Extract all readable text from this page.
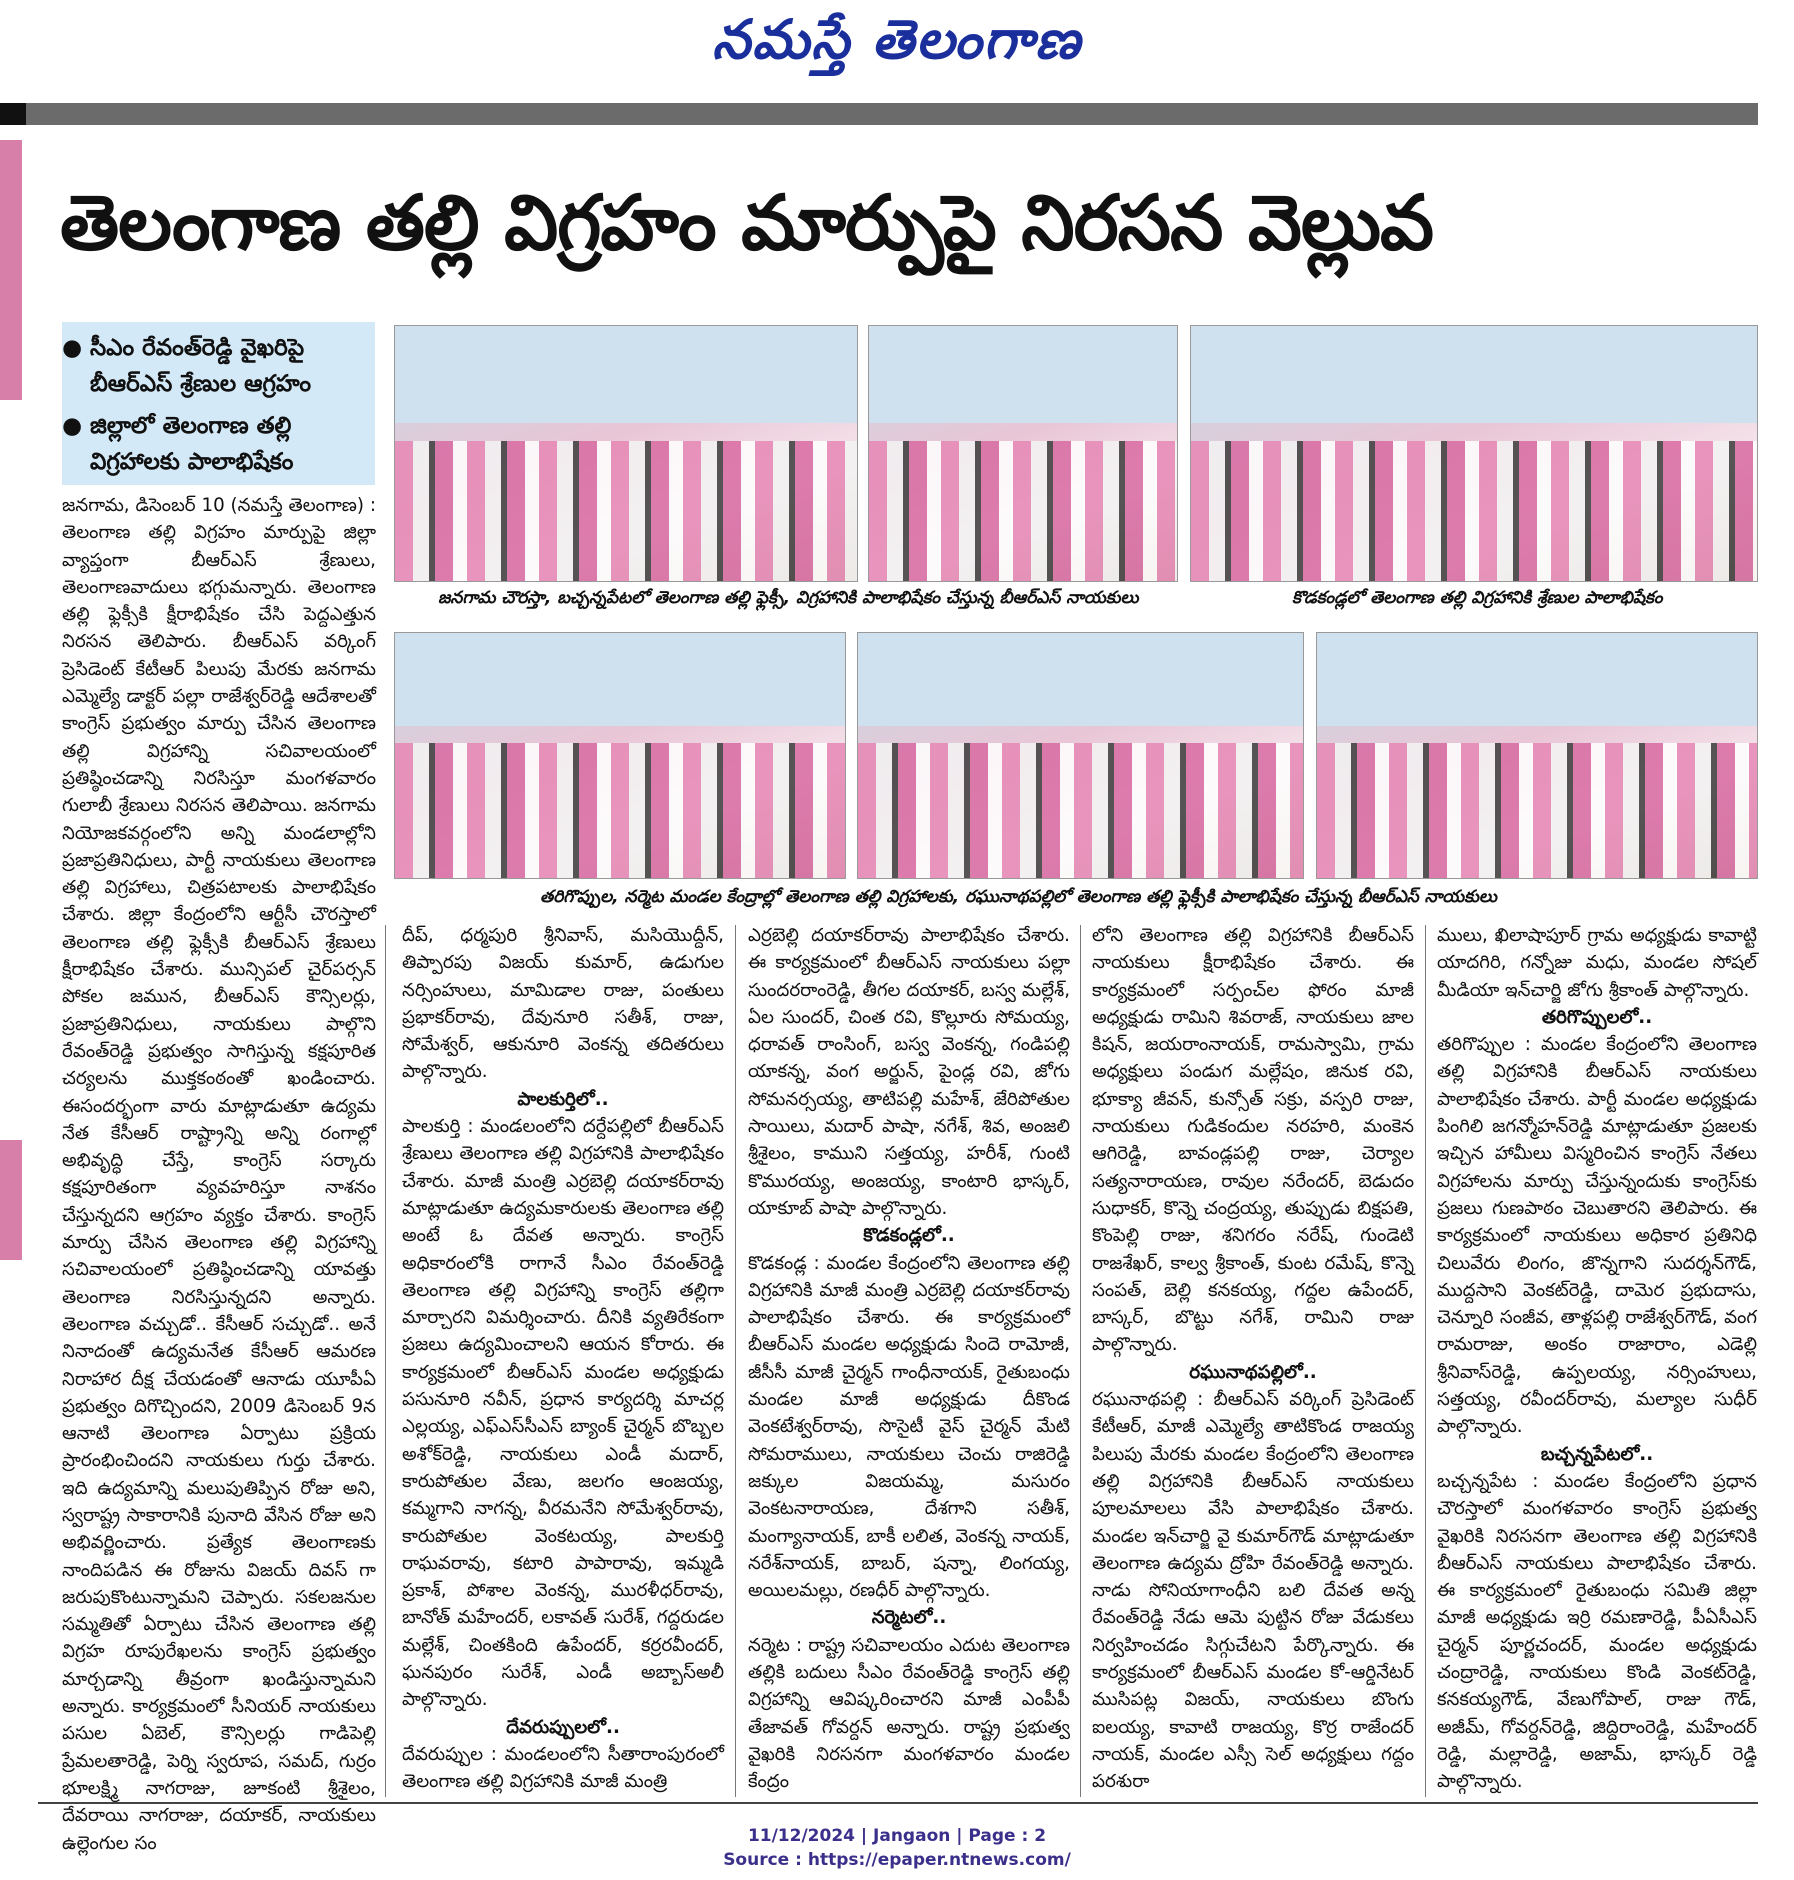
నమస్తే తెలంగాణ
తెలంగాణ తల్లి విగ్రహం మార్పుపై నిరసన వెల్లువ
● సీఎం రేవంత్‌రెడ్డి వైఖరిపై బీఆర్‌ఎస్‌ శ్రేణుల ఆగ్రహం
● జిల్లాలో తెలంగాణ తల్లి విగ్రహాలకు పాలాభిషేకం
జనగామ చౌరస్తా, బచ్చన్నపేటలో తెలంగాణ తల్లి ఫ్లెక్సీ, విగ్రహానికి పాలాభిషేకం చేస్తున్న బీఆర్‌ఎస్‌ నాయకులు	కొడకండ్లలో తెలంగాణ తల్లి విగ్రహానికి శ్రేణుల పాలాభిషేకం
తరిగొప్పుల, నర్మెట మండల కేంద్రాల్లో తెలంగాణ తల్లి విగ్రహాలకు, రఘునాథపల్లిలో తెలంగాణ తల్లి ఫ్లెక్సీకి పాలాభిషేకం చేస్తున్న బీఆర్‌ఎస్‌ నాయకులు

జనగామ, డిసెంబర్‌ 10 (నమస్తే తెలంగాణ) : తెలంగాణ తల్లి విగ్రహం మార్పుపై జిల్లా వ్యాప్తంగా బీఆర్‌ఎస్‌ శ్రేణులు, తెలంగాణవాదులు భగ్గుమన్నారు. తెలంగాణ తల్లి ఫ్లెక్సీకి క్షీరాభిషేకం చేసి పెద్దఎత్తున నిరసన తెలిపారు. బీఆర్‌ఎస్‌ వర్కింగ్‌ ప్రెసిడెంట్‌ కేటీఆర్‌ పిలుపు మేరకు జనగామ ఎమ్మెల్యే డాక్టర్‌ పల్లా రాజేశ్వర్‌రెడ్డి ఆదేశాలతో కాంగ్రెస్‌ ప్రభుత్వం మార్పు చేసిన తెలంగాణ తల్లి విగ్రహాన్ని సచివాలయంలో ప్రతిష్ఠించడాన్ని నిరసిస్తూ మంగళవారం గులాబీ శ్రేణులు నిరసన తెలిపాయి. జనగామ నియోజకవర్గంలోని అన్ని మండలాల్లోని ప్రజాప్రతినిధులు, పార్టీ నాయకులు తెలంగాణ తల్లి విగ్రహాలు, చిత్రపటాలకు పాలాభిషేకం చేశారు. జిల్లా కేంద్రంలోని ఆర్టీసీ చౌరస్తాలో తెలంగాణ తల్లి ఫ్లెక్సీకి బీఆర్‌ఎస్‌ శ్రేణులు క్షీరాభిషేకం చేశారు. మున్సిపల్‌ చైర్‌పర్సన్‌ పోకల జమున, బీఆర్‌ఎస్‌ కౌన్సిలర్లు, ప్రజాప్రతినిధులు, నాయకులు పాల్గొని రేవంత్‌రెడ్డి ప్రభుత్వం సాగిస్తున్న కక్షపూరిత చర్యలను ముక్తకంఠంతో ఖండించారు. ఈసందర్భంగా వారు మాట్లాడుతూ ఉద్యమ నేత కేసీఆర్‌ రాష్ట్రాన్ని అన్ని రంగాల్లో అభివృద్ధి చేస్తే, కాంగ్రెస్‌ సర్కారు కక్షపూరితంగా వ్యవహరిస్తూ నాశనం చేస్తున్నదని ఆగ్రహం వ్యక్తం చేశారు. కాంగ్రెస్‌ మార్పు చేసిన తెలంగాణ తల్లి విగ్రహాన్ని సచివాలయంలో ప్రతిష్ఠించడాన్ని యావత్తు తెలంగాణ నిరసిస్తున్నదని అన్నారు. తెలంగాణ వచ్చుడో.. కేసీఆర్‌ సచ్చుడో.. అనే నినాదంతో ఉద్యమనేత కేసీఆర్‌ ఆమరణ నిరాహార దీక్ష చేయడంతో ఆనాడు యూపీఏ ప్రభుత్వం దిగొచ్చిందని, 2009 డిసెంబర్‌ 9న ఆనాటి తెలంగాణ ఏర్పాటు ప్రక్రియ ప్రారంభించిందని నాయకులు గుర్తు చేశారు. ఇది ఉద్యమాన్ని మలుపుతిప్పిన రోజు అని, స్వరాష్ట్ర సాకారానికి పునాది వేసిన రోజు అని అభివర్ణించారు. ప్రత్యేక తెలంగాణకు నాందిపడిన ఈ రోజును విజయ్‌ దివస్‌ గా జరుపుకొంటున్నామని చెప్పారు. సకలజనుల సమ్మతితో ఏర్పాటు చేసిన తెలంగాణ తల్లి విగ్రహ రూపురేఖలను కాంగ్రెస్‌ ప్రభుత్వం మార్చడాన్ని తీవ్రంగా ఖండిస్తున్నామని అన్నారు. కార్యక్రమంలో సీనియర్‌ నాయకులు పసుల ఏబెల్‌, కౌన్సిలర్లు గాడిపెల్లి ప్రేమలతారెడ్డి, పెర్ని స్వరూప, సమద్‌, గుర్రం భూలక్ష్మి నాగరాజు, జూకంటి శ్రీశైలం, దేవరాయి నాగరాజు, దయాకర్‌, నాయకులు ఉల్లెంగుల సం

దీప్‌, ధర్మపురి శ్రీనివాస్‌, మసియొద్దీన్‌, తిప్పారపు విజయ్‌ కుమార్‌, ఉడుగుల నర్సింహులు, మామిడాల రాజు, పంతులు ప్రభాకర్‌రావు, దేవునూరి సతీశ్‌, రాజు, సోమేశ్వర్‌, ఆకునూరి వెంకన్న తదితరులు పాల్గొన్నారు.

పాలకుర్తిలో..

పాలకుర్తి : మండలంలోని దర్దేపల్లిలో బీఆర్‌ఎస్‌ శ్రేణులు తెలంగాణ తల్లి విగ్రహానికి పాలాభిషేకం చేశారు. మాజీ మంత్రి ఎర్రబెల్లి దయాకర్‌రావు మాట్లాడుతూ ఉద్యమకారులకు తెలంగాణ తల్లి అంటే ఓ దేవత అన్నారు. కాంగ్రెస్‌ అధికారంలోకి రాగానే సీఎం రేవంత్‌రెడ్డి తెలంగాణ తల్లి విగ్రహాన్ని కాంగ్రెస్‌ తల్లిగా మార్చారని విమర్శించారు. దీనికి వ్యతిరేకంగా ప్రజలు ఉద్యమించాలని ఆయన కోరారు. ఈ కార్యక్రమంలో బీఆర్‌ఎస్‌ మండల అధ్యక్షుడు పసునూరి నవీన్‌, ప్రధాన కార్యదర్శి మాచర్ల ఎల్లయ్య, ఎఫ్‌ఎస్‌సీఎస్‌ బ్యాంక్‌ చైర్మన్‌ బొబ్బల అశోక్‌రెడ్డి, నాయకులు ఎండీ మదార్‌, కారుపోతుల వేణు, జలగం ఆంజయ్య, కమ్మగాని నాగన్న, వీరమనేని సోమేశ్వర్‌రావు, కారుపోతుల వెంకటయ్య, పాలకుర్తి రాఘవరావు, కటారి పాపారావు, ఇమ్మడి ప్రకాశ్‌, పోశాల వెంకన్న, మురళీధర్‌రావు, బానోత్‌ మహేందర్‌, లకావత్‌ సురేశ్‌, గద్దరుడల మల్లేశ్‌, చింతకింది ఉపేందర్‌, కర్రరవీందర్‌, ఘనపురం సురేశ్‌, ఎండీ అబ్బాస్‌అలీ పాల్గొన్నారు.

దేవరుప్పులలో..

దేవరుప్పుల : మండలంలోని సీతారాంపురంలో తెలంగాణ తల్లి విగ్రహానికి మాజీ మంత్రి

ఎర్రబెల్లి దయాకర్‌రావు పాలాభిషేకం చేశారు. ఈ కార్యక్రమంలో బీఆర్‌ఎస్‌ నాయకులు పల్లా సుందరరాంరెడ్డి, తీగల దయాకర్‌, బస్వ మల్లేశ్‌, ఏల సుందర్‌, చింత రవి, కొల్లూరు సోమయ్య, ధరావత్‌ రాంసింగ్‌, బస్వ వెంకన్న, గండిపల్లి యాకన్న, వంగ అర్జున్‌, పైండ్ల రవి, జోగు సోమనర్సయ్య, తాటిపల్లి మహేశ్‌, జేరిపోతుల సాయిలు, మదార్‌ పాషా, నగేశ్‌, శివ, అంజలి శ్రీశైలం, కాముని సత్తయ్య, హరీశ్‌, గుంటి కొమురయ్య, అంజయ్య, కాంటారి భాస్కర్‌, యాకూబ్‌ పాషా పాల్గొన్నారు.

కొడకండ్లలో..

కొడకండ్ల : మండల కేంద్రంలోని తెలంగాణ తల్లి విగ్రహానికి మాజీ మంత్రి ఎర్రబెల్లి దయాకర్‌రావు పాలాభిషేకం చేశారు. ఈ కార్యక్రమంలో బీఆర్‌ఎస్‌ మండల అధ్యక్షుడు సిందె రామోజీ, జీసీసీ మాజీ చైర్మన్‌ గాంధీనాయక్‌, రైతుబంధు మండల మాజీ అధ్యక్షుడు దీకొండ వెంకటేశ్వర్‌రావు, సొసైటీ వైస్‌ చైర్మన్‌ మేటి సోమరాములు, నాయకులు చెంచు రాజిరెడ్డి జక్కుల విజయమ్మ, మసురం వెంకటనారాయణ, దేశగాని సతీశ్‌, మంగ్యానాయక్‌, బాకీ లలిత, వెంకన్న నాయక్‌, నరేశ్‌నాయక్‌, బాబర్‌, షన్నా, లింగయ్య, అయిలమల్లు, రణధీర్‌ పాల్గొన్నారు.

నర్మెటలో..

నర్మెట : రాష్ట్ర సచివాలయం ఎదుట తెలంగాణ తల్లికి బదులు సీఎం రేవంత్‌రెడ్డి కాంగ్రెస్‌ తల్లి విగ్రహాన్ని ఆవిష్కరించారని మాజీ ఎంపీపీ తేజావత్‌ గోవర్దన్‌ అన్నారు. రాష్ట్ర ప్రభుత్వ వైఖరికి నిరసనగా మంగళవారం మండల కేంద్రం

లోని తెలంగాణ తల్లి విగ్రహానికి బీఆర్‌ఎస్‌ నాయకులు క్షీరాభిషేకం చేశారు. ఈ కార్యక్రమంలో సర్పంచ్‌ల ఫోరం మాజీ అధ్యక్షుడు రామిని శివరాజ్‌, నాయకులు జాల కిషన్‌, జయరాంనాయక్‌, రామస్వామి, గ్రామ అధ్యక్షులు పండుగ మల్లేషం, జినుక రవి, భూక్యా జీవన్‌, కున్సోత్‌ సక్రు, వస్పరి రాజు, నాయకులు గుడికందుల నరహరి, మంకెన ఆగిరెడ్డి, బావండ్లపల్లి రాజు, చెర్యాల సత్యనారాయణ, రావుల నరేందర్‌, బెడుదం సుధాకర్‌, కొన్నె చంద్రయ్య, తుప్పుడు బిక్షపతి, కొంపెల్లి రాజు, శనిగరం నరేష్‌, గుండెటి రాజశేఖర్‌, కాల్వ శ్రీకాంత్‌, కుంట రమేష్‌, కొన్నె సంపత్‌, బెల్లి కనకయ్య, గద్దల ఉపేందర్‌, బాస్కర్‌, బొట్టు నగేశ్‌, రామిని రాజు పాల్గొన్నారు.

రఘునాథపల్లిలో..

రఘునాథపల్లి : బీఆర్‌ఎస్‌ వర్కింగ్‌ ప్రెసిడెంట్‌ కేటీఆర్‌, మాజీ ఎమ్మెల్యే తాటికొండ రాజయ్య పిలుపు మేరకు మండల కేంద్రంలోని తెలంగాణ తల్లి విగ్రహానికి బీఆర్‌ఎస్‌ నాయకులు పూలమాలలు వేసి పాలాభిషేకం చేశారు. మండల ఇన్‌చార్జి వై కుమార్‌గౌడ్‌ మాట్లాడుతూ తెలంగాణ ఉద్యమ ద్రోహి రేవంత్‌రెడ్డి అన్నారు. నాడు సోనియాగాంధీని బలి దేవత అన్న రేవంత్‌రెడ్డి నేడు ఆమె పుట్టిన రోజు వేడుకలు నిర్వహించడం సిగ్గుచేటని పేర్కొన్నారు. ఈ కార్యక్రమంలో బీఆర్‌ఎస్‌ మండల కో-ఆర్డినేటర్‌ ముసిపట్ల విజయ్‌, నాయకులు బొంగు ఐలయ్య, కావాటి రాజయ్య, కొర్ర రాజేందర్‌ నాయక్‌, మండల ఎస్సీ సెల్‌ అధ్యక్షులు గద్దం పరశురా

ములు, ఖిలాషాపూర్‌ గ్రామ అధ్యక్షుడు కావాట్టి యాదగిరి, గన్నోజు మధు, మండల సోషల్‌ మీడియా ఇన్‌చార్జి జోగు శ్రీకాంత్‌ పాల్గొన్నారు.

తరిగొప్పులలో..

తరిగొప్పుల : మండల కేంద్రంలోని తెలంగాణ తల్లి విగ్రహానికి బీఆర్‌ఎస్‌ నాయకులు పాలాభిషేకం చేశారు. పార్టీ మండల అధ్యక్షుడు పింగిలి జగన్మోహన్‌రెడ్డి మాట్లాడుతూ ప్రజలకు ఇచ్చిన హామీలు విస్మరించిన కాంగ్రెస్‌ నేతలు విగ్రహాలను మార్పు చేస్తున్నందుకు కాంగ్రెస్‌కు ప్రజలు గుణపాఠం చెబుతారని తెలిపారు. ఈ కార్యక్రమంలో నాయకులు అధికార ప్రతినిధి చిలువేరు లింగం, జొన్నగాని సుదర్శన్‌గౌడ్‌, ముద్దసాని వెంకట్‌రెడ్డి, దామెర ప్రభుదాసు, చెన్నూరి సంజీవ, తాళ్లపల్లి రాజేశ్వర్‌గౌడ్‌, వంగ రామరాజు, అంకం రాజారాం, ఎడెల్లి శ్రీనివాస్‌రెడ్డి, ఉప్పలయ్య, నర్సింహులు, సత్తయ్య, రవీందర్‌రావు, మల్యాల సుధీర్‌ పాల్గొన్నారు.

బచ్చన్నపేటలో..

బచ్చన్నపేట : మండల కేంద్రంలోని ప్రధాన చౌరస్తాలో మంగళవారం కాంగ్రెస్‌ ప్రభుత్వ వైఖరికి నిరసనగా తెలంగాణ తల్లి విగ్రహానికి బీఆర్‌ఎస్‌ నాయకులు పాలాభిషేకం చేశారు. ఈ కార్యక్రమంలో రైతుబంధు సమితి జిల్లా మాజీ అధ్యక్షుడు ఇర్రి రమణారెడ్డి, పీఏసీఎస్‌ చైర్మన్‌ పూర్ణచందర్‌, మండల అధ్యక్షుడు చంద్రారెడ్డి, నాయకులు కొండి వెంకట్‌రెడ్డి, కనకయ్యగౌడ్‌, వేణుగోపాల్‌, రాజు గౌడ్‌, అజీమ్‌, గోవర్దన్‌రెడ్డి, జిద్దిరాంరెడ్డి, మహేందర్‌ రెడ్డి, మల్లారెడ్డి, అజామ్‌, భాస్కర్‌ రెడ్డి పాల్గొన్నారు.

11/12/2024 | Jangaon | Page : 2
Source : https://epaper.ntnews.com/
